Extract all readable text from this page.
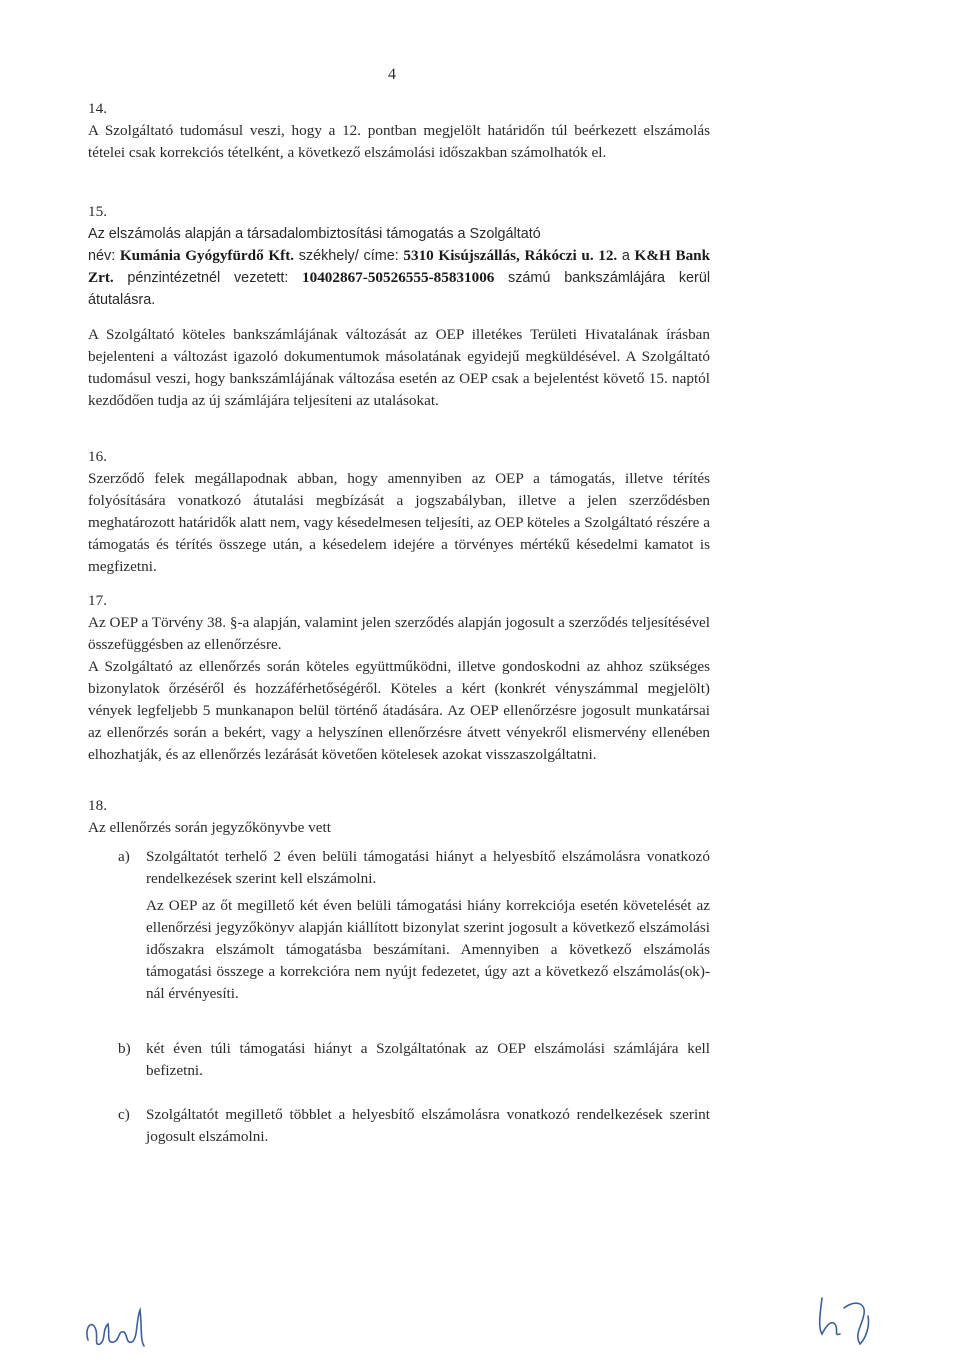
4
14.

A Szolgáltató tudomásul veszi, hogy a 12. pontban megjelölt határidőn túl beérkezett elszámolás tételei csak korrekciós tételként, a következő elszámolási időszakban számolhatók el.

15.

Az elszámolás alapján a társadalombiztosítási támogatás a Szolgáltató

név: Kumánia Gyógyfürdő Kft. székhely/ címe: 5310 Kisújszállás, Rákóczi u. 12. a K&H Bank Zrt. pénzintézetnél vezetett: 10402867-50526555-85831006 számú bankszámlájára kerül átutalásra.

A Szolgáltató köteles bankszámlájának változását az OEP illetékes Területi Hivatalának írásban bejelenteni a változást igazoló dokumentumok másolatának egyidejű megküldésével. A Szolgáltató tudomásul veszi, hogy bankszámlájának változása esetén az OEP csak a bejelentést követő 15. naptól kezdődően tudja az új számlájára teljesíteni az utalásokat.

16.

Szerződő felek megállapodnak abban, hogy amennyiben az OEP a támogatás, illetve térítés folyósítására vonatkozó átutalási megbízását a jogszabályban, illetve a jelen szerződésben meghatározott határidők alatt nem, vagy késedelmesen teljesíti, az OEP köteles a Szolgáltató részére a támogatás és térítés összege után, a késedelem idejére a törvényes mértékű késedelmi kamatot is megfizetni.

17.

Az OEP a Törvény 38. §-a alapján, valamint jelen szerződés alapján jogosult a szerződés teljesítésével összefüggésben az ellenőrzésre.

A Szolgáltató az ellenőrzés során köteles együttműködni, illetve gondoskodni az ahhoz szükséges bizonylatok őrzéséről és hozzáférhetőségéről. Köteles a kért (konkrét vényszámmal megjelölt) vények legfeljebb 5 munkanapon belül történő átadására. Az OEP ellenőrzésre jogosult munkatársai az ellenőrzés során a bekért, vagy a helyszínen ellenőrzésre átvett vényekről elismervény ellenében elhozhatják, és az ellenőrzés lezárását követően kötelesek azokat visszaszolgáltatni.

18.

Az ellenőrzés során jegyzőkönyvbe vett

a) Szolgáltatót terhelő 2 éven belüli támogatási hiányt a helyesbítő elszámolásra vonatkozó rendelkezések szerint kell elszámolni.

Az OEP az őt megillető két éven belüli támogatási hiány korrekciója esetén követelését az ellenőrzési jegyzőkönyv alapján kiállított bizonylat szerint jogosult a következő elszámolási időszakra elszámolt támogatásba beszámítani. Amennyiben a következő elszámolás támogatási összege a korrekcióra nem nyújt fedezetet, úgy azt a következő elszámolás(ok)-nál érvényesíti.

b) két éven túli támogatási hiányt a Szolgáltatónak az OEP elszámolási számlájára kell befizetni.

c) Szolgáltatót megillető többlet a helyesbítő elszámolásra vonatkozó rendelkezések szerint jogosult elszámolni.
